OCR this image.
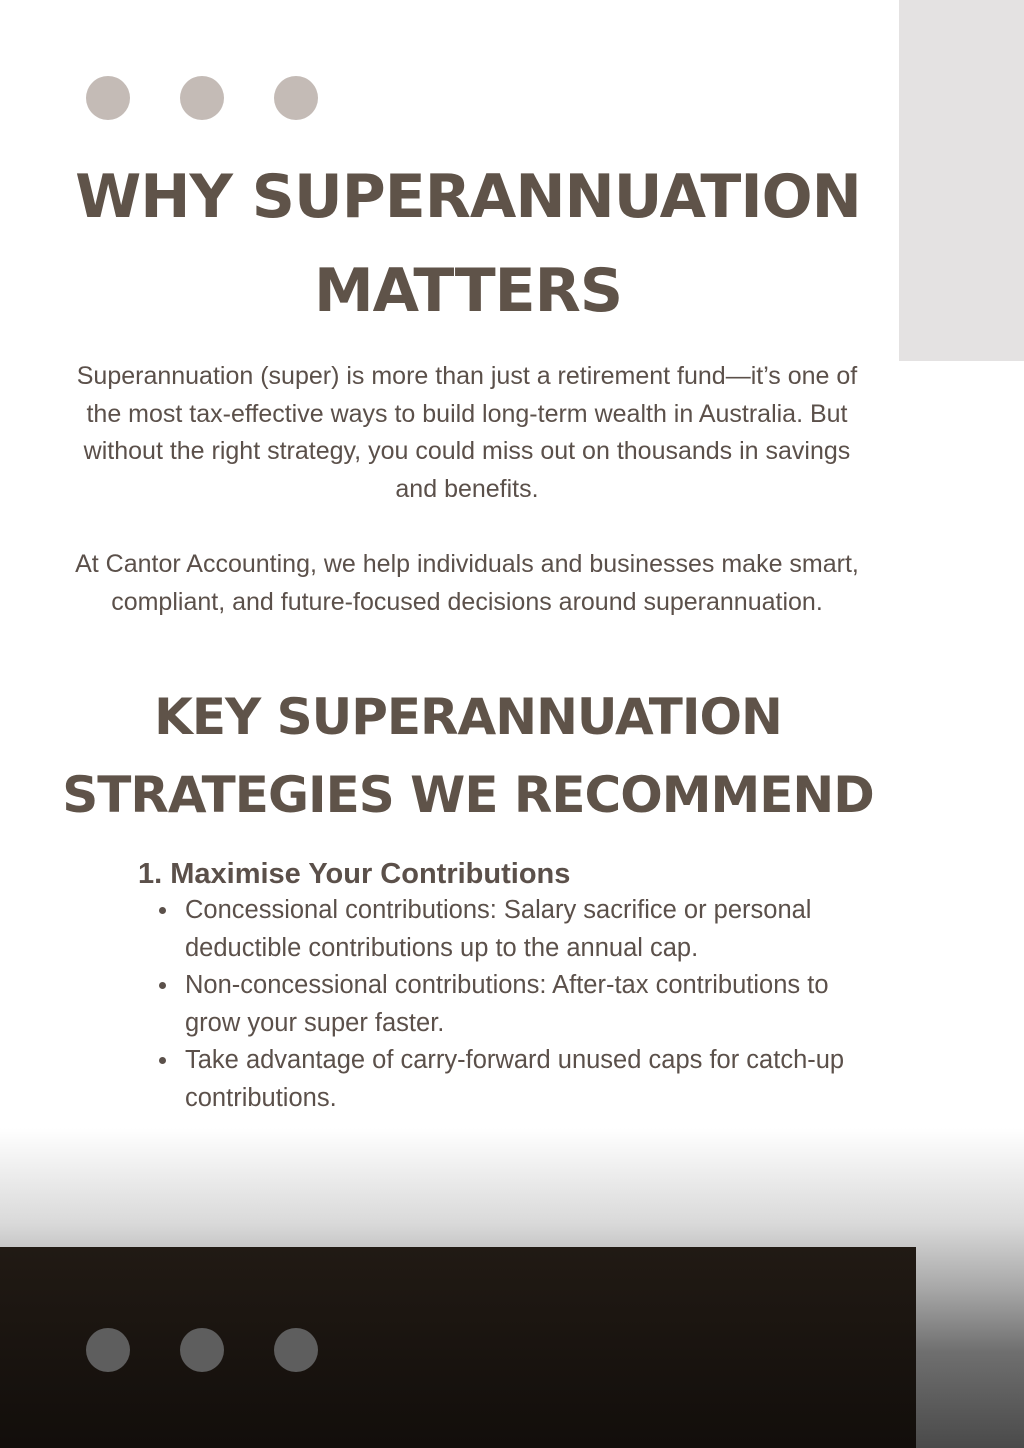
WHY SUPERANNUATION
MATTERS

Superannuation (super) is more than just a retirement fund—it’s one of the most tax-effective ways to build long-term wealth in Australia. But without the right strategy, you could miss out on thousands in savings and benefits.

At Cantor Accounting, we help individuals and businesses make smart, compliant, and future-focused decisions around superannuation.

KEY SUPERANNUATION
STRATEGIES WE RECOMMEND
1. Maximise Your Contributions
Concessional contributions: Salary sacrifice or personal deductible contributions up to the annual cap.
Non-concessional contributions: After-tax contributions to grow your super faster.
Take advantage of carry-forward unused caps for catch-up contributions.
